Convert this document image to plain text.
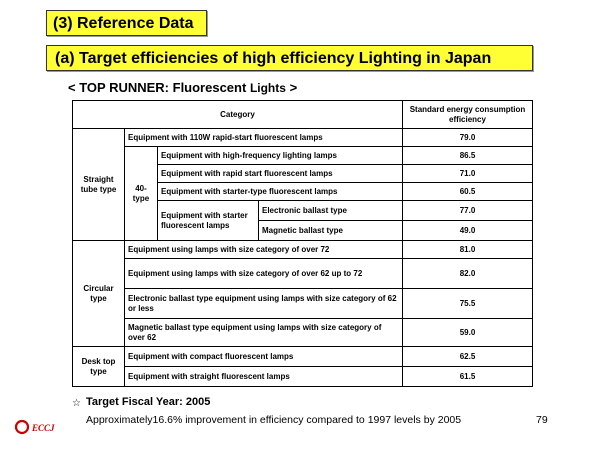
(3) Reference Data
(a) Target efficiencies of high efficiency Lighting in Japan
< TOP RUNNER: Fluorescent Lights >
Category				Standard energy consumption efficiency
Straight tube type	Equipment with 110W rapid-start fluorescent lamps			79.0
	40-type	Equipment with high-frequency lighting lamps		86.5
		Equipment with rapid start fluorescent lamps		71.0
		Equipment with starter-type fluorescent lamps		60.5
		Equipment with starter fluorescent lamps	Electronic ballast type	77.0
			Magnetic ballast type	49.0

Circular type	Equipment using lamps with size category of over 72			81.0
	Equipment using lamps with size category of over 62 up to 72			82.0
	Electronic ballast type equipment using lamps with size category of 62 or less			75.5
	Magnetic ballast type equipment using lamps with size category of over 62			59.0
Desk top type	Equipment with compact fluorescent lamps			62.5
	Equipment with straight fluorescent lamps			61.5
☆ Target Fiscal Year: 2005
Approximately16.6% improvement in efficiency compared to 1997 levels by 2005	79
ECCJ
